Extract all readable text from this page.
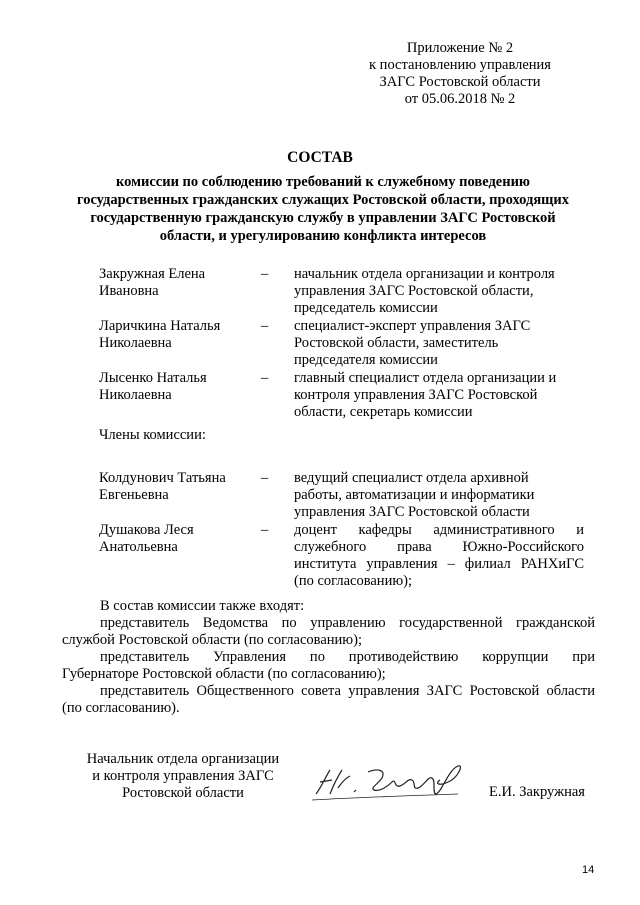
Приложение № 2
к постановлению управления
ЗАГС Ростовской области
от 05.06.2018 № 2
СОСТАВ
комиссии по соблюдению требований к служебному поведению
государственных гражданских служащих Ростовской области, проходящих
государственную гражданскую службу в управлении ЗАГС Ростовской
области, и урегулированию конфликта интересов
Закружная Елена
Ивановна
– начальник отдела организации и контроля
управления ЗАГС Ростовской области,
председатель комиссии
Ларичкина Наталья
Николаевна
– специалист-эксперт управления ЗАГС
Ростовской области, заместитель
председателя комиссии
Лысенко Наталья
Николаевна
– главный специалист отдела организации и
контроля управления ЗАГС Ростовской
области, секретарь комиссии
Члены комиссии:
Колдунович Татьяна
Евгеньевна
– ведущий специалист отдела архивной
работы, автоматизации и информатики
управления ЗАГС Ростовской области
Душакова Леся
Анатольевна
– доцент кафедры административного и
служебного права Южно-Российского
института управления – филиал РАНХиГС
(по согласованию);

В состав комиссии также входят:

представитель Ведомства по управлению государственной гражданской

службой Ростовской области (по согласованию);

представитель Управления по противодействию коррупции при

Губернаторе Ростовской области (по согласованию);

представитель Общественного совета управления ЗАГС Ростовской области

(по согласованию).

Начальник отдела организации
и контроля управления ЗАГС
Ростовской области	Е.И. Закружная
14
